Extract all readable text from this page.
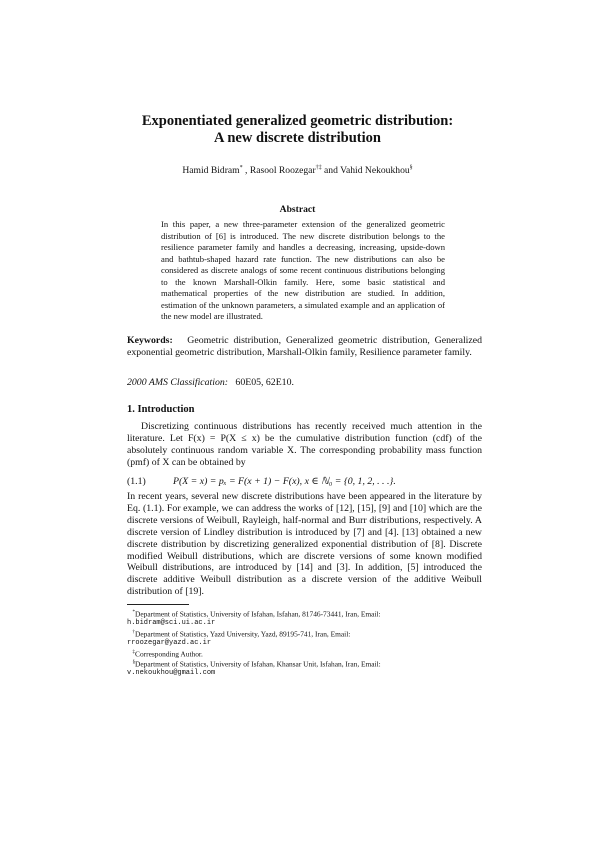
Exponentiated generalized geometric distribution:
A new discrete distribution
Hamid Bidram* , Rasool Roozegar†‡ and Vahid Nekoukhou§
Abstract
In this paper, a new three-parameter extension of the generalized geometric distribution of [6] is introduced. The new discrete distribution belongs to the resilience parameter family and handles a decreasing, increasing, upside-down and bathtub-shaped hazard rate function. The new distributions can also be considered as discrete analogs of some recent continuous distributions belonging to the known Marshall-Olkin family. Here, some basic statistical and mathematical properties of the new distribution are studied. In addition, estimation of the unknown parameters, a simulated example and an application of the new model are illustrated.
Keywords: Geometric distribution, Generalized geometric distribution, Generalized exponential geometric distribution, Marshall-Olkin family, Resilience parameter family.
2000 AMS Classification: 60E05, 62E10.
1. Introduction
Discretizing continuous distributions has recently received much attention in the literature. Let F(x) = P(X ≤ x) be the cumulative distribution function (cdf) of the absolutely continuous random variable X. The corresponding probability mass function (pmf) of X can be obtained by
(1.1)	P(X = x) = pₓ = F(x + 1) − F(x), x ∈ ℕ₀ = {0, 1, 2, . . .}.
In recent years, several new discrete distributions have been appeared in the literature by Eq. (1.1). For example, we can address the works of [12], [15], [9] and [10] which are the discrete versions of Weibull, Rayleigh, half-normal and Burr distributions, respectively. A discrete version of Lindley distribution is introduced by [7] and [4]. [13] obtained a new discrete distribution by discretizing generalized exponential distribution of [8]. Discrete modified Weibull distributions, which are discrete versions of some known modified Weibull distributions, are introduced by [14] and [3]. In addition, [5] introduced the discrete additive Weibull distribution as a discrete version of the additive Weibull distribution of [19].
*Department of Statistics, University of Isfahan, Isfahan, 81746-73441, Iran, Email:
h.bidram@sci.ui.ac.ir
†Department of Statistics, Yazd University, Yazd, 89195-741, Iran, Email:
rroozegar@yazd.ac.ir
‡Corresponding Author.
§Department of Statistics, University of Isfahan, Khansar Unit, Isfahan, Iran, Email:
v.nekoukhou@gmail.com
